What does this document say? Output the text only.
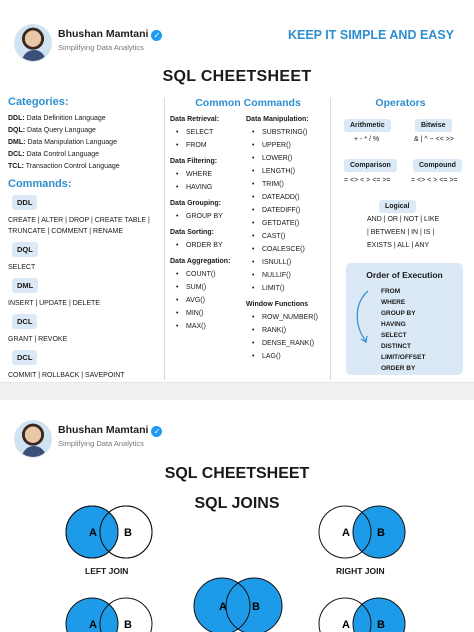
Bhushan Mamtani ✓
Simplifying Data Analytics
KEEP IT SIMPLE AND EASY
SQL CHEETSHEET
Categories:
DDL: Data Definition Language
DQL: Data Query Language
DML: Data Manipulation Language
DCL: Data Control Language
TCL: Transaction Control Language
Commands:
DDL
CREATE | ALTER | DROP | CREATE TABLE |
TRUNCATE | COMMENT | RENAME
DQL
SELECT
DML
INSERT | UPDATE | DELETE
DCL
GRANT | REVOKE
DCL
COMMIT | ROLLBACK | SAVEPOINT
Common Commands
Data Retrieval:
• SELECT
• FROM
Data Filtering:
• WHERE
• HAVING
Data Grouping:
• GROUP BY
Data Sorting:
• ORDER BY
Data Aggregation:
• COUNT()
• SUM()
• AVG()
• MIN()
• MAX()
Data Manipulation:
• SUBSTRING()
• UPPER()
• LOWER()
• LENGTH()
• TRIM()
• DATEADD()
• DATEDIFF()
• GETDATE()
• CAST()
• COALESCE()
• ISNULL()
• NULLIF()
• LIMIT()
Window Functions
• ROW_NUMBER()
• RANK()
• DENSE_RANK()
• LAG()
Operators
Arithmetic
+ - * / %
Bitwise
& | ^ ~ << >>
Comparison
= <> < > <= >=
Compound
= <> < > <= >=
Logical
AND | OR | NOT | LIKE
| BETWEEN | IN | IS |
EXISTS | ALL | ANY
Order of Execution
FROM
WHERE
GROUP BY
HAVING
SELECT
DISTINCT
LIMIT/OFFSET
ORDER BY
Bhushan Mamtani ✓
Simplifying Data Analytics
SQL CHEETSHEET
SQL JOINS
A B
LEFT JOIN
A B
RIGHT JOIN
A B
A B
A B
